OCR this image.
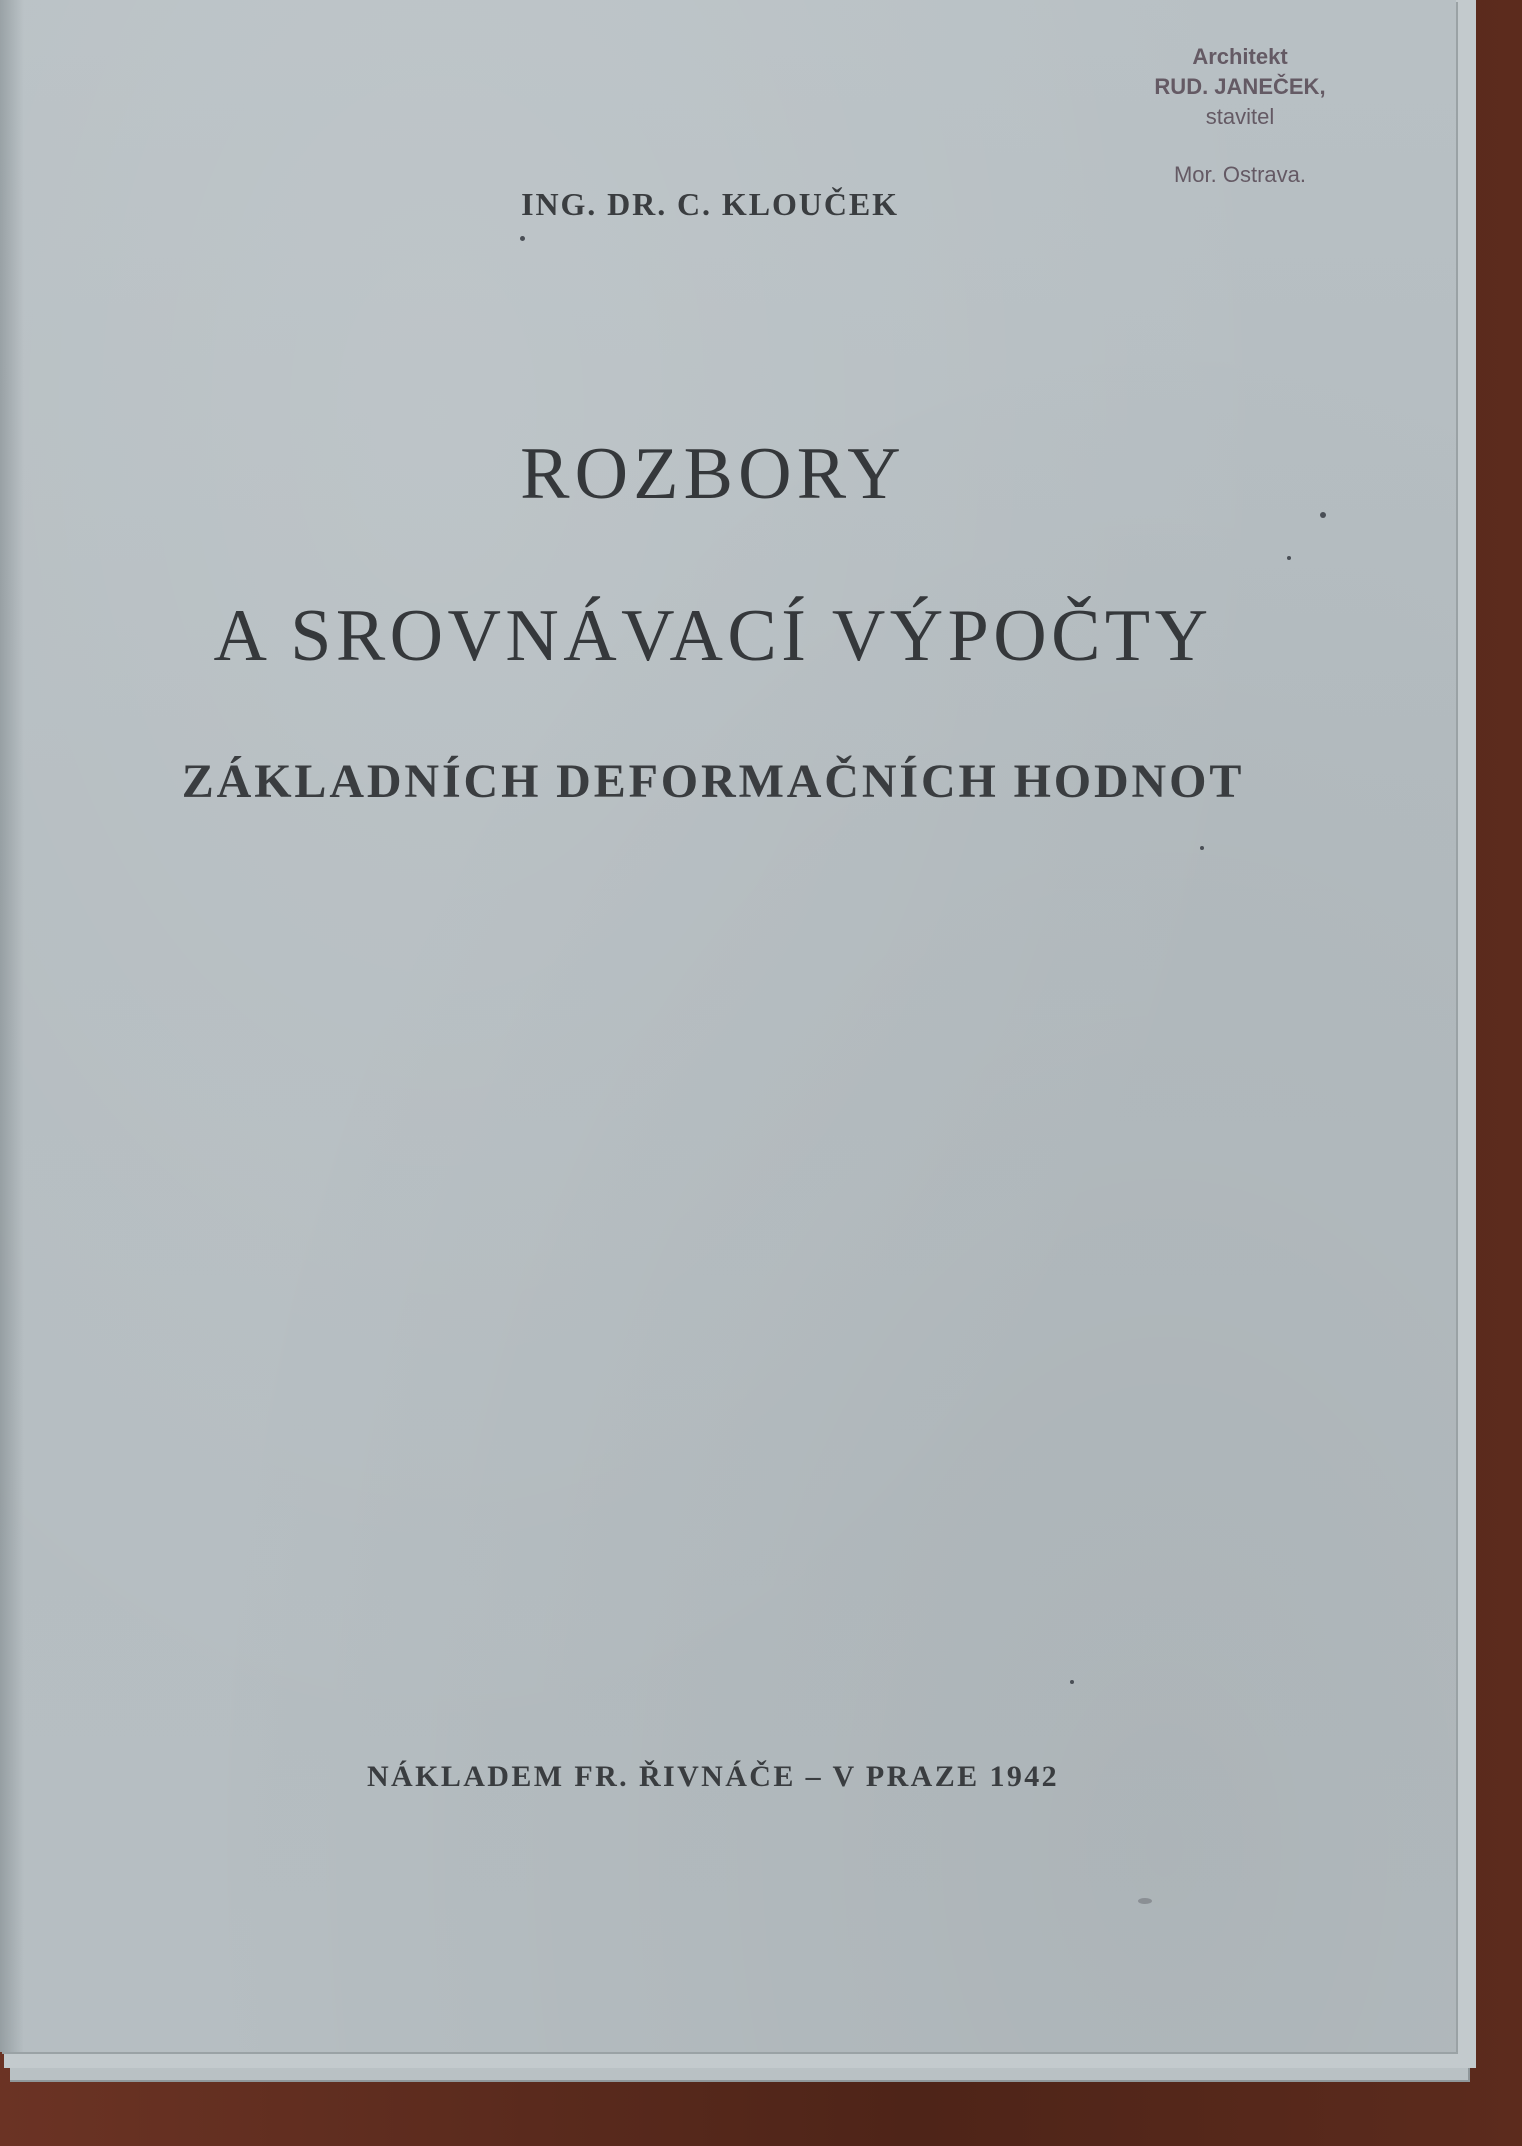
Architekt
RUD. JANEČEK,
stavitel
Mor. Ostrava.

ING. DR. C. KLOUČEK

ROZBORY
A SROVNÁVACÍ VÝPOČTY
ZÁKLADNÍCH DEFORMAČNÍCH HODNOT

NÁKLADEM FR. ŘIVNÁČE – V PRAZE 1942
